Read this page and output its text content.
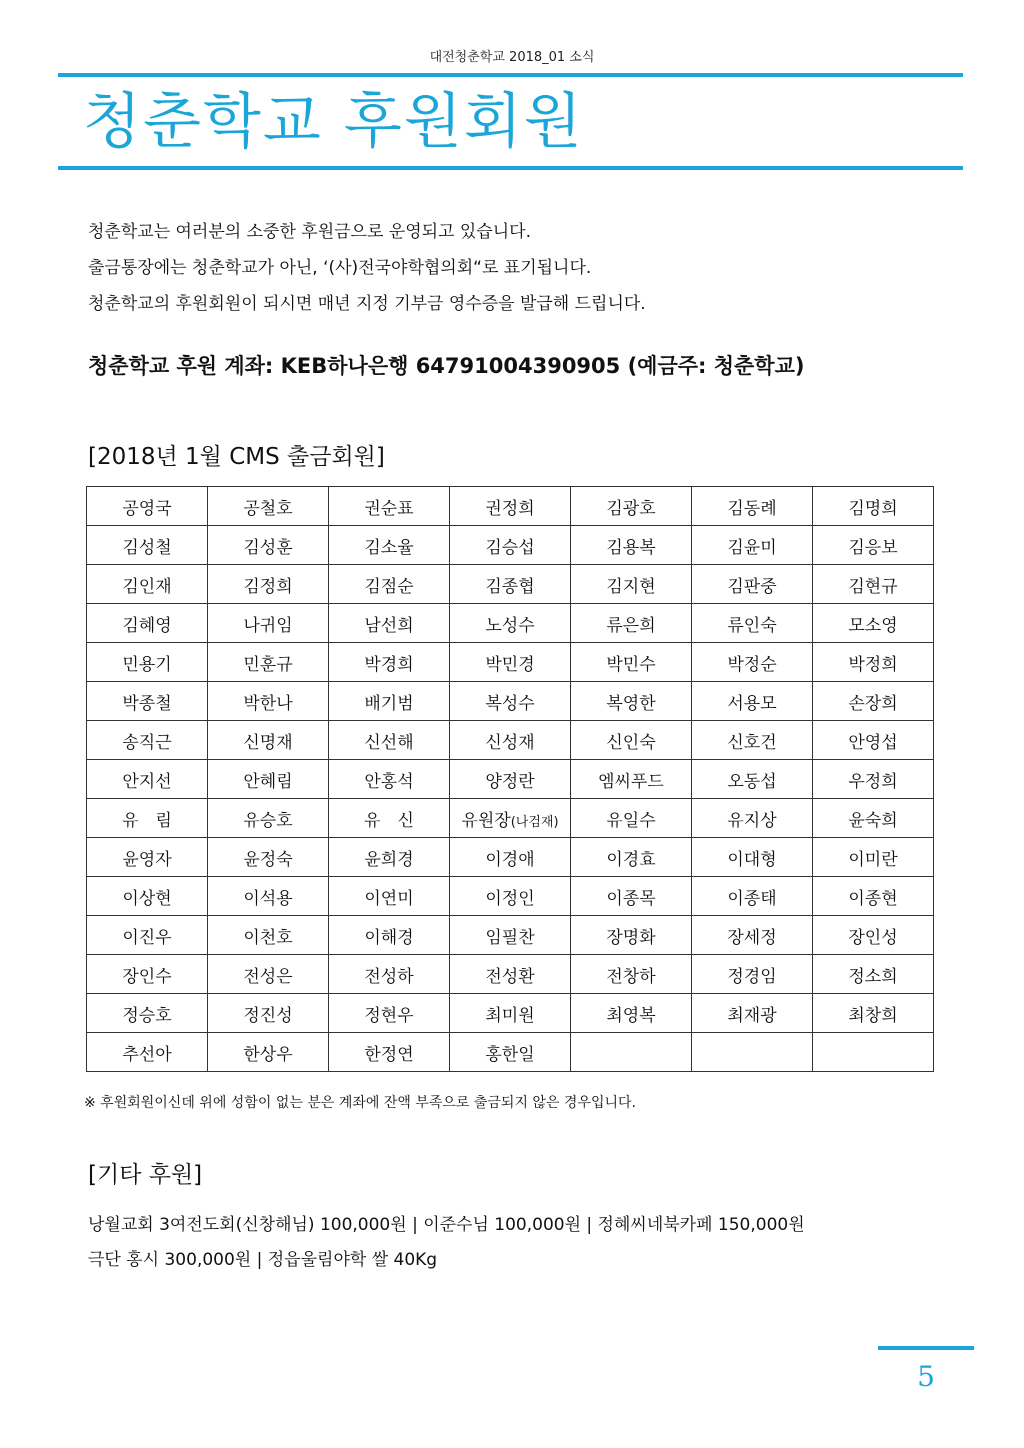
대전청춘학교 2018_01 소식
청춘학교 후원회원
청춘학교는 여러분의 소중한 후원금으로 운영되고 있습니다.
출금통장에는 청춘학교가 아닌, ‘(사)전국야학협의회“로 표기됩니다.
청춘학교의 후원회원이 되시면 매년 지정 기부금 영수증을 발급해 드립니다.
청춘학교 후원 계좌: KEB하나은행 64791004390905 (예금주: 청춘학교)
[2018년 1월 CMS 출금회원]
공영국	공철호	권순표	권정희	김광호	김동례	김명희
김성철	김성훈	김소율	김승섭	김용복	김윤미	김응보
김인재	김정희	김점순	김종협	김지현	김판중	김현규
김혜영	나귀임	남선희	노성수	류은희	류인숙	모소영
민용기	민훈규	박경희	박민경	박민수	박정순	박정희
박종철	박한나	배기범	복성수	복영한	서용모	손장희
송직근	신명재	신선해	신성재	신인숙	신호건	안영섭
안지선	안혜림	안홍석	양정란	엠씨푸드	오동섭	우정희
유　림	유승호	유　신	유원장(나검재)	유일수	유지상	윤숙희
윤영자	윤정숙	윤희경	이경애	이경효	이대형	이미란
이상현	이석용	이연미	이정인	이종목	이종태	이종현
이진우	이천호	이해경	임필찬	장명화	장세정	장인성
장인수	전성은	전성하	전성환	전창하	정경임	정소희
정승호	정진성	정현우	최미원	최영복	최재광	최창희
추선아	한상우	한정연	홍한일			
※ 후원회원이신데 위에 성함이 없는 분은 계좌에 잔액 부족으로 출금되지 않은 경우입니다.
[기타 후원]
낭월교회 3여전도회(신창해님) 100,000원 | 이준수님 100,000원 | 정혜씨네북카페 150,000원
극단 홍시 300,000원 | 정읍울림야학 쌀 40Kg
5
